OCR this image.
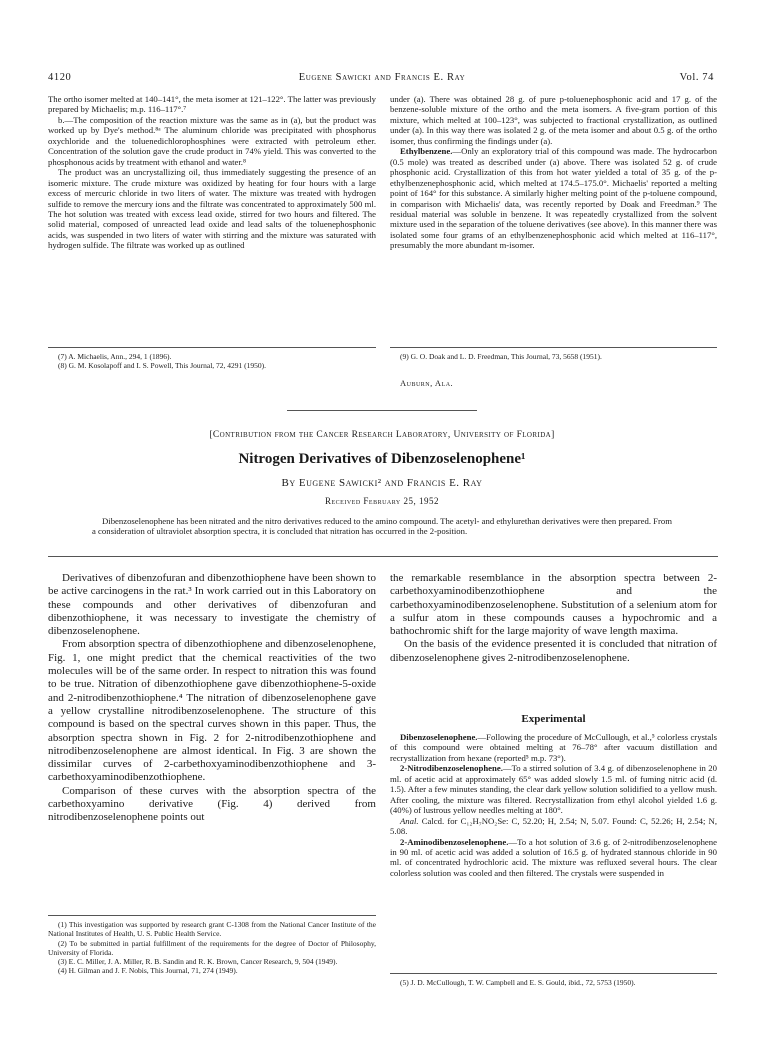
4120	Eugene Sawicki and Francis E. Ray	Vol. 74

The ortho isomer melted at 140–141°, the meta isomer at 121–122°. The latter was previously prepared by Michaelis; m.p. 116–117°.⁷

b.—The composition of the reaction mixture was the same as in (a), but the product was worked up by Dye's method.⁸ᵃ The aluminum chloride was precipitated with phosphorus oxychloride and the toluenedichlorophosphines were extracted with petroleum ether. Concentration of the solution gave the crude product in 74% yield. This was converted to the phosphonous acids by treatment with ethanol and water.⁸

The product was an uncrystallizing oil, thus immediately suggesting the presence of an isomeric mixture. The crude mixture was oxidized by heating for four hours with a large excess of mercuric chloride in two liters of water. The mixture was treated with hydrogen sulfide to remove the mercury ions and the filtrate was concentrated to approximately 500 ml. The hot solution was treated with excess lead oxide, stirred for two hours and filtered. The solid material, composed of unreacted lead oxide and lead salts of the toluenephosphonic acids, was suspended in two liters of water with stirring and the mixture was saturated with hydrogen sulfide. The filtrate was worked up as outlined

(7) A. Michaelis, Ann., 294, 1 (1896).

(8) G. M. Kosolapoff and I. S. Powell, This Journal, 72, 4291 (1950).

under (a). There was obtained 28 g. of pure p-toluenephosphonic acid and 17 g. of the benzene-soluble mixture of the ortho and the meta isomers. A five-gram portion of this mixture, which melted at 100–123°, was subjected to fractional crystallization, as outlined under (a). In this way there was isolated 2 g. of the meta isomer and about 0.5 g. of the ortho isomer, thus confirming the findings under (a).

Ethylbenzene.—Only an exploratory trial of this compound was made. The hydrocarbon (0.5 mole) was treated as described under (a) above. There was isolated 52 g. of crude phosphonic acid. Crystallization of this from hot water yielded a total of 35 g. of the p-ethylbenzenephosphonic acid, which melted at 174.5–175.0°. Michaelis' reported a melting point of 164° for this substance. A similarly higher melting point of the p-toluene compound, in comparison with Michaelis' data, was recently reported by Doak and Freedman.⁹ The residual material was soluble in benzene. It was repeatedly crystallized from the solvent mixture used in the separation of the toluene derivatives (see above). In this manner there was isolated some four grams of an ethylbenzenephosphonic acid which melted at 116–117°, presumably the more abundant m-isomer.

(9) G. O. Doak and L. D. Freedman, This Journal, 73, 5658 (1951).

Auburn, Ala.
[Contribution from the Cancer Research Laboratory, University of Florida]
Nitrogen Derivatives of Dibenzoselenophene¹
By Eugene Sawicki² and Francis E. Ray
Received February 25, 1952

Dibenzoselenophene has been nitrated and the nitro derivatives reduced to the amino compound. The acetyl- and ethylurethan derivatives were then prepared. From a consideration of ultraviolet absorption spectra, it is concluded that nitration has occurred in the 2-position.

Derivatives of dibenzofuran and dibenzothiophene have been shown to be active carcinogens in the rat.³ In work carried out in this Laboratory on these compounds and other derivatives of dibenzofuran and dibenzothiophene, it was necessary to investigate the chemistry of dibenzoselenophene.

From absorption spectra of dibenzothiophene and dibenzoselenophene, Fig. 1, one might predict that the chemical reactivities of the two molecules will be of the same order. In respect to nitration this was found to be true. Nitration of dibenzothiophene gave dibenzothiophene-5-oxide and 2-nitrodibenzothiophene.⁴ The nitration of dibenzoselenophene gave a yellow crystalline nitrodibenzoselenophene. The structure of this compound is based on the spectral curves shown in this paper. Thus, the absorption spectra shown in Fig. 2 for 2-nitrodibenzothiophene and nitrodibenzoselenophene are almost identical. In Fig. 3 are shown the dissimilar curves of 2-carbethoxyaminodibenzothiophene and 3-carbethoxyaminodibenzothiophene.

Comparison of these curves with the absorption spectra of the carbethoxyamino derivative (Fig. 4) derived from nitrodibenzoselenophene points out

(1) This investigation was supported by research grant C-1308 from the National Cancer Institute of the National Institutes of Health, U. S. Public Health Service.

(2) To be submitted in partial fulfillment of the requirements for the degree of Doctor of Philosophy, University of Florida.

(3) E. C. Miller, J. A. Miller, R. B. Sandin and R. K. Brown, Cancer Research, 9, 504 (1949).

(4) H. Gilman and J. F. Nobis, This Journal, 71, 274 (1949).

the remarkable resemblance in the absorption spectra between 2-carbethoxyaminodibenzothiophene and the carbethoxyaminodibenzoselenophene. Substitution of a selenium atom for a sulfur atom in these compounds causes a hypochromic and a bathochromic shift for the large majority of wave length maxima.

On the basis of the evidence presented it is concluded that nitration of dibenzoselenophene gives 2-nitrodibenzoselenophene.

Experimental

Dibenzoselenophene.—Following the procedure of McCullough, et al.,⁵ colorless crystals of this compound were obtained melting at 76–78° after vacuum distillation and recrystallization from hexane (reported⁵ m.p. 73°).

2-Nitrodibenzoselenophene.—To a stirred solution of 3.4 g. of dibenzoselenophene in 20 ml. of acetic acid at approximately 65° was added slowly 1.5 ml. of fuming nitric acid (d. 1.5). After a few minutes standing, the clear dark yellow solution solidified to a yellow mush. After cooling, the mixture was filtered. Recrystallization from ethyl alcohol yielded 1.6 g. (40%) of lustrous yellow needles melting at 180°.

Anal. Calcd. for C₁₂H₇NO₂Se: C, 52.20; H, 2.54; N, 5.07. Found: C, 52.26; H, 2.54; N, 5.08.

2-Aminodibenzoselenophene.—To a hot solution of 3.6 g. of 2-nitrodibenzoselenophene in 90 ml. of acetic acid was added a solution of 16.5 g. of hydrated stannous chloride in 90 ml. of concentrated hydrochloric acid. The mixture was refluxed several hours. The clear colorless solution was cooled and then filtered. The crystals were suspended in

(5) J. D. McCullough, T. W. Campbell and E. S. Gould, ibid., 72, 5753 (1950).
